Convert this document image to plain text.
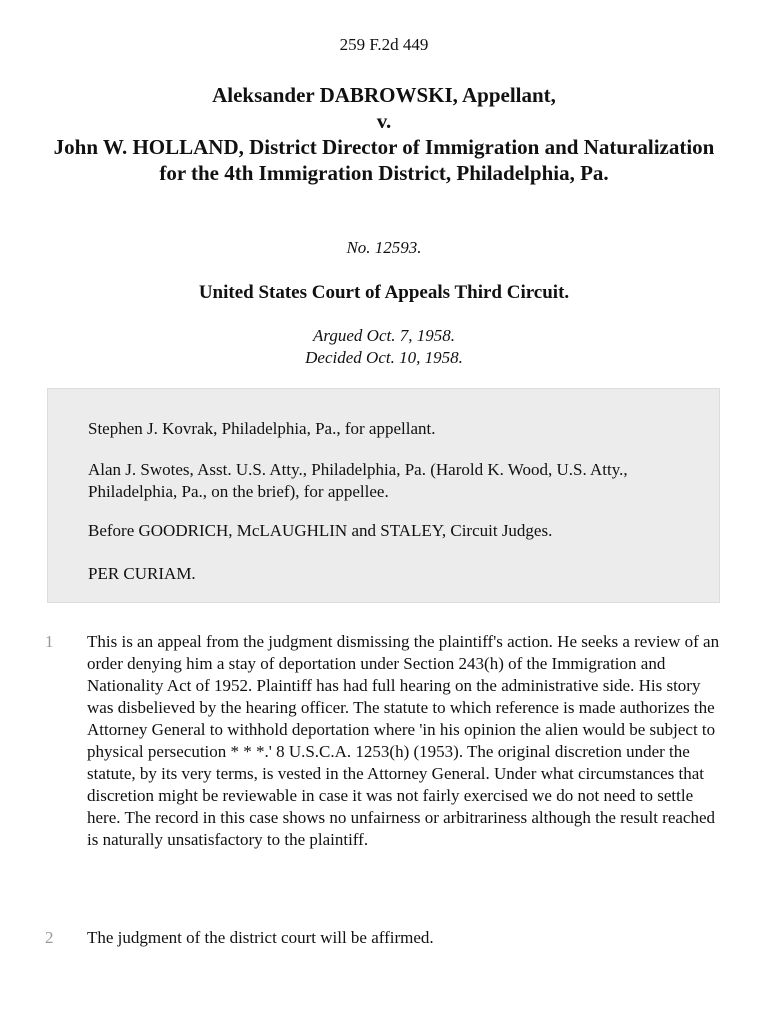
259 F.2d 449
Aleksander DABROWSKI, Appellant,
v.
John W. HOLLAND, District Director of Immigration and Naturalization for the 4th Immigration District, Philadelphia, Pa.
No. 12593.
United States Court of Appeals Third Circuit.
Argued Oct. 7, 1958.
Decided Oct. 10, 1958.

Stephen J. Kovrak, Philadelphia, Pa., for appellant.

Alan J. Swotes, Asst. U.S. Atty., Philadelphia, Pa. (Harold K. Wood, U.S. Atty., Philadelphia, Pa., on the brief), for appellee.

Before GOODRICH, McLAUGHLIN and STALEY, Circuit Judges.

PER CURIAM.

1 This is an appeal from the judgment dismissing the plaintiff's action. He seeks a review of an order denying him a stay of deportation under Section 243(h) of the Immigration and Nationality Act of 1952. Plaintiff has had full hearing on the administrative side. His story was disbelieved by the hearing officer. The statute to which reference is made authorizes the Attorney General to withhold deportation where 'in his opinion the alien would be subject to physical persecution * * *.' 8 U.S.C.A. 1253(h) (1953). The original discretion under the statute, by its very terms, is vested in the Attorney General. Under what circumstances that discretion might be reviewable in case it was not fairly exercised we do not need to settle here. The record in this case shows no unfairness or arbitrariness although the result reached is naturally unsatisfactory to the plaintiff.

2 The judgment of the district court will be affirmed.
